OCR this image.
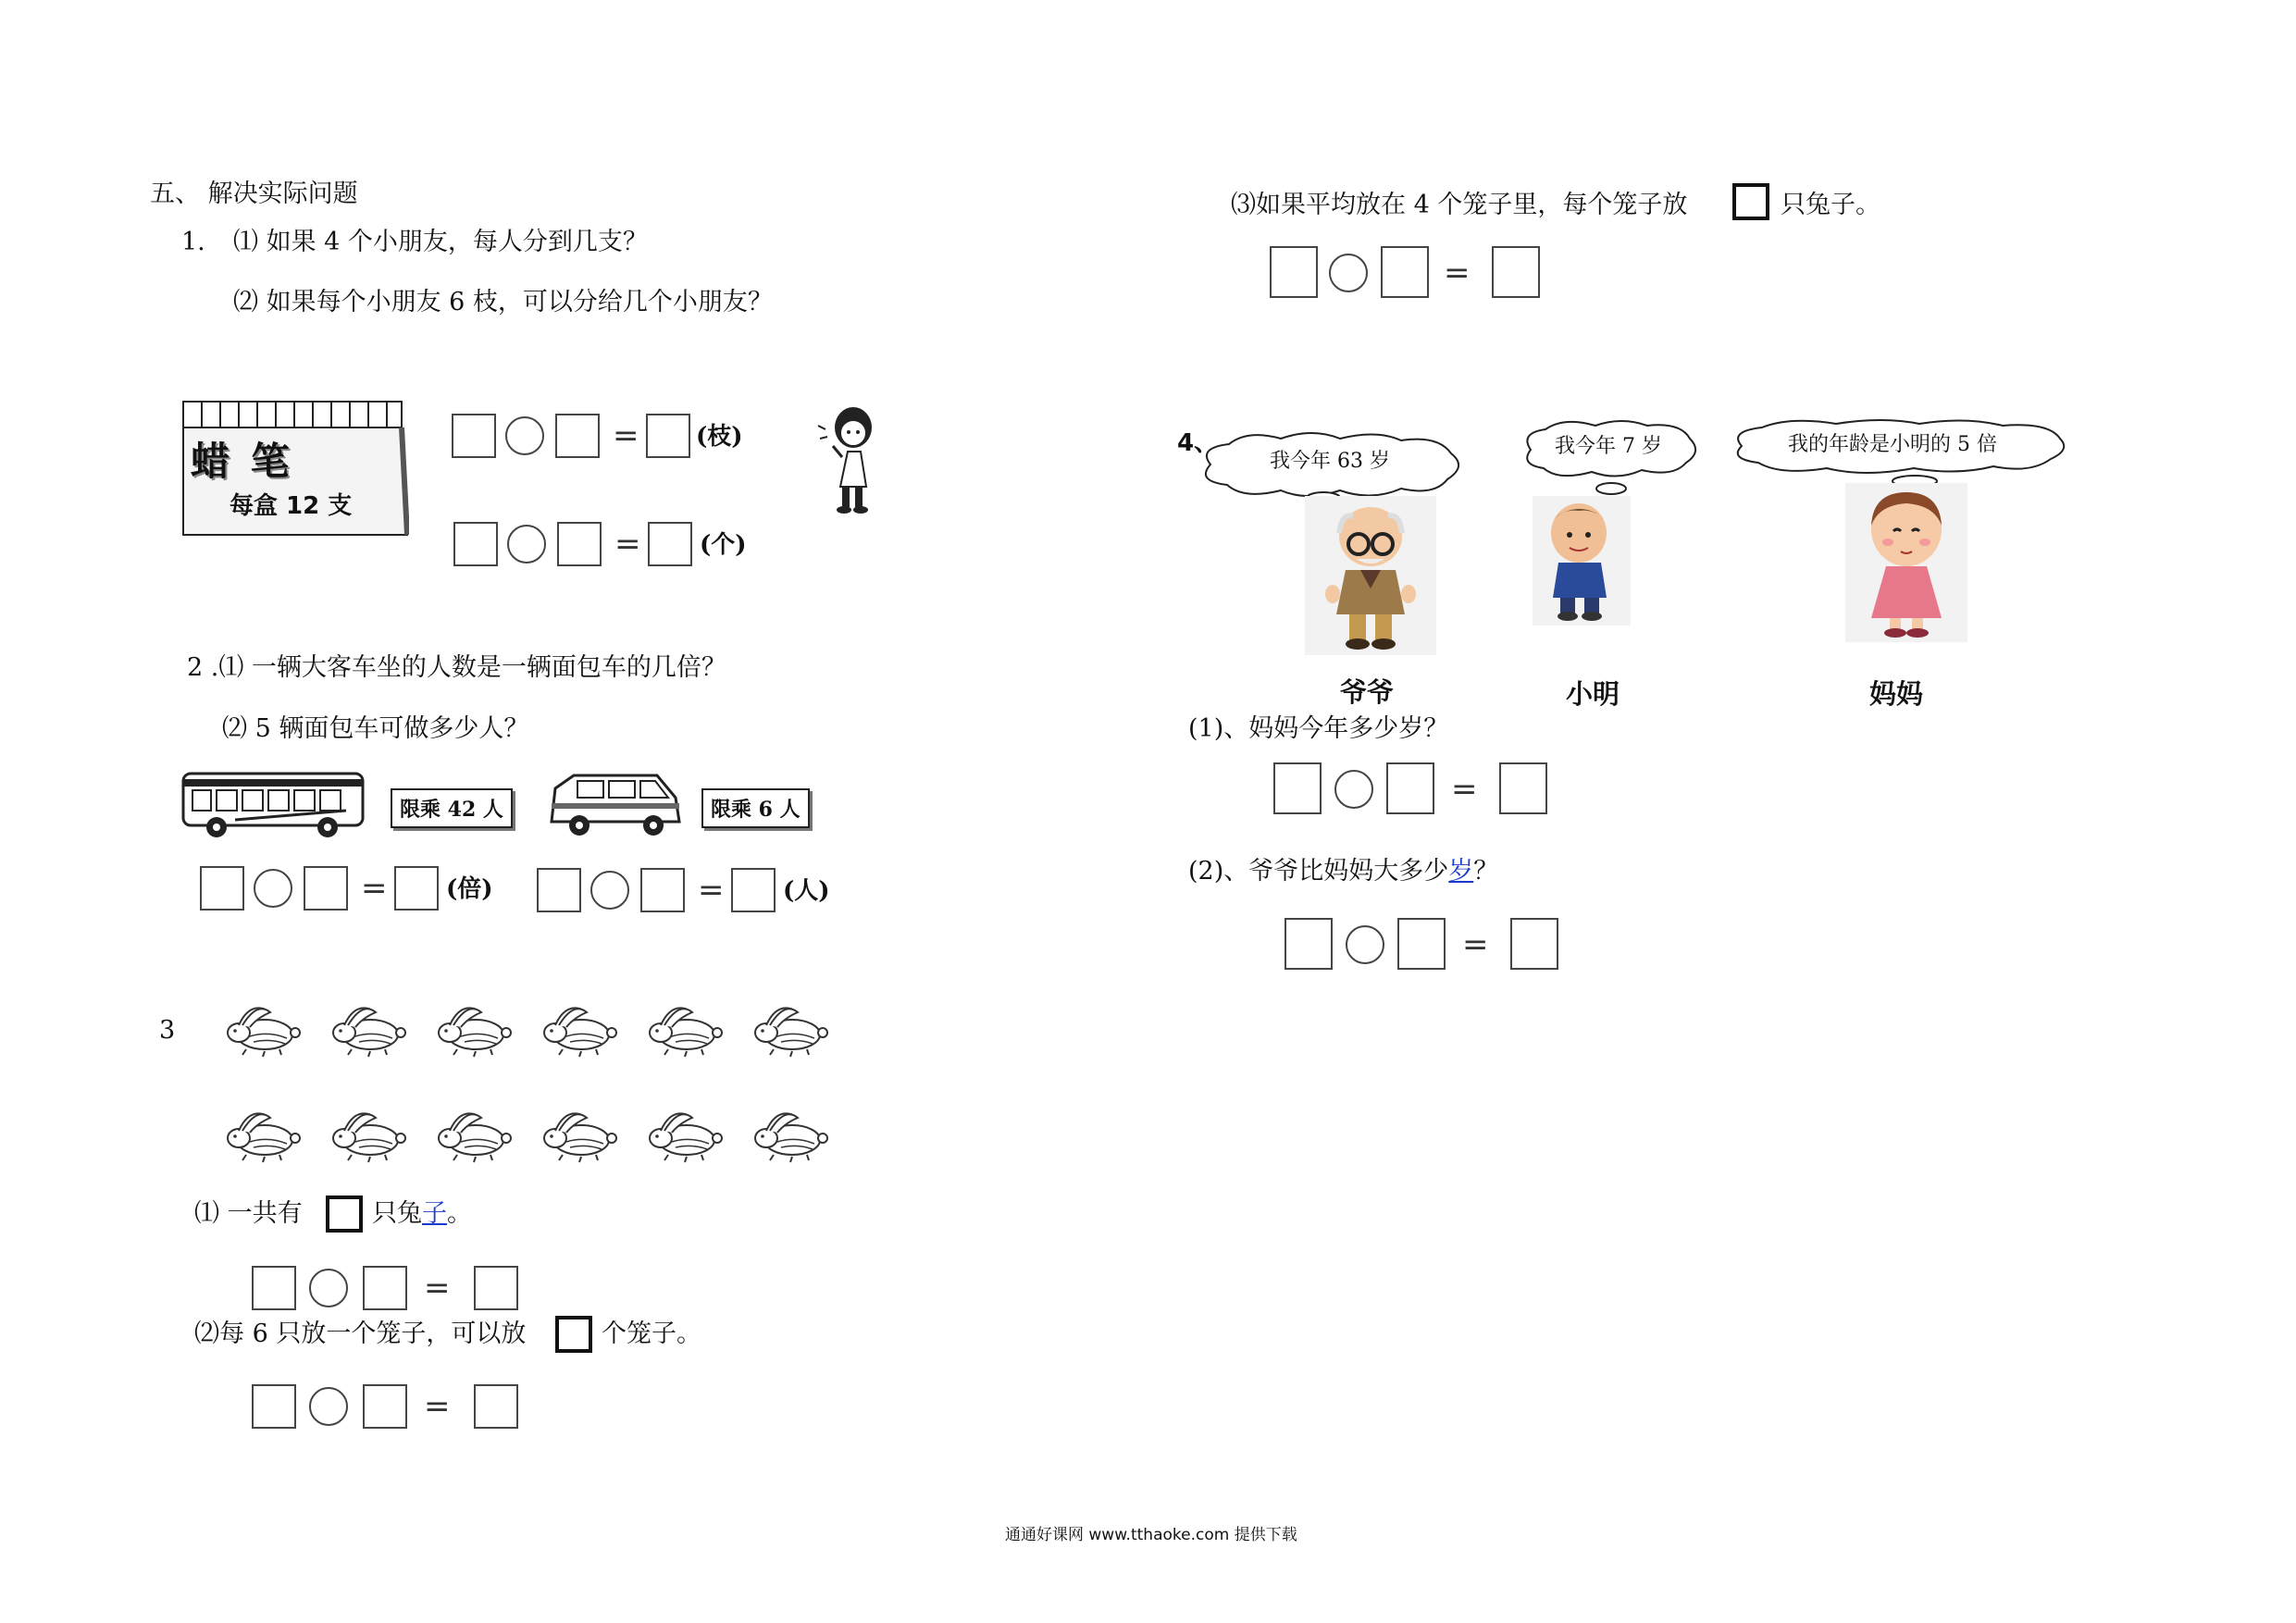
五、 解决实际问题
1. ⑴ 如果 4 个小朋友，每人分到几支？
⑵ 如果每个小朋友 6 枝，可以分给几个小朋友？
蜡 笔
每盒 12 支
= (枝)
= (个)
2 .⑴ 一辆大客车坐的人数是一辆面包车的几倍？
⑵ 5 辆面包车可做多少人？
限乘 42 人	限乘 6 人
= (倍)	= (人)
3
⑴ 一共有	只兔子。
=
⑵每 6 只放一个笼子，可以放	个笼子。
=
⑶如果平均放在 4 个笼子里，每个笼子放	只兔子。
=
4、
我今年 63 岁
我今年 7 岁	我的年龄是小明的 5 倍
爷爷	小明	妈妈
(1)、妈妈今年多少岁？
=
(2)、爷爷比妈妈大多少岁？
=
通通好课网 www.tthaoke.com 提供下载
